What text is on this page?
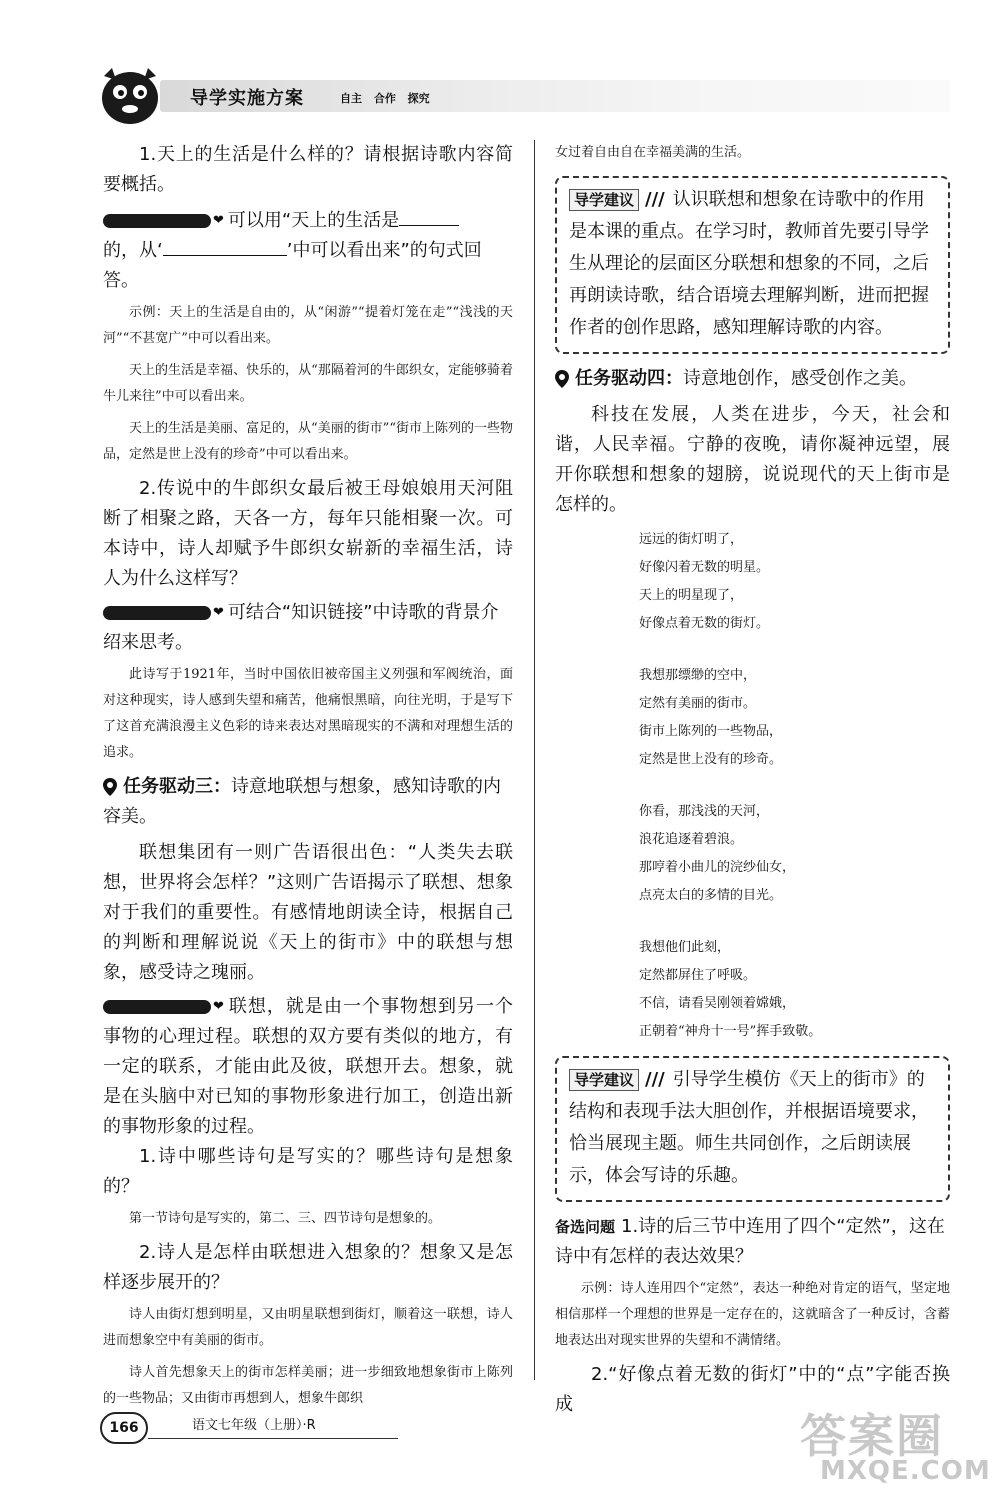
导学实施方案	自主 合作 探究

1.天上的生活是什么样的？请根据诗歌内容简要概括。

❤ 可以用“天上的生活是
的，从‘	’中可以看出来”的句式回答。

示例：天上的生活是自由的，从“闲游”“提着灯笼在走”“浅浅的天河”“不甚宽广”中可以看出来。

天上的生活是幸福、快乐的，从“那隔着河的牛郎织女，定能够骑着牛儿来往”中可以看出来。

天上的生活是美丽、富足的，从“美丽的街市”“街市上陈列的一些物品，定然是世上没有的珍奇”中可以看出来。

2.传说中的牛郎织女最后被王母娘娘用天河阻断了相聚之路，天各一方，每年只能相聚一次。可本诗中，诗人却赋予牛郎织女崭新的幸福生活，诗人为什么这样写？

❤ 可结合“知识链接”中诗歌的背景介绍来思考。

此诗写于1921年，当时中国依旧被帝国主义列强和军阀统治，面对这种现实，诗人感到失望和痛苦，他痛恨黑暗，向往光明，于是写下了这首充满浪漫主义色彩的诗来表达对黑暗现实的不满和对理想生活的追求。

任务驱动三：诗意地联想与想象，感知诗歌的内容美。

联想集团有一则广告语很出色：“人类失去联想，世界将会怎样？”这则广告语揭示了联想、想象对于我们的重要性。有感情地朗读全诗，根据自己的判断和理解说说《天上的街市》中的联想与想象，感受诗之瑰丽。

❤ 联想，就是由一个事物想到另一个事物的心理过程。联想的双方要有类似的地方，有一定的联系，才能由此及彼，联想开去。想象，就是在头脑中对已知的事物形象进行加工，创造出新的事物形象的过程。

1.诗中哪些诗句是写实的？哪些诗句是想象的？

第一节诗句是写实的，第二、三、四节诗句是想象的。

2.诗人是怎样由联想进入想象的？想象又是怎样逐步展开的？

诗人由街灯想到明星，又由明星联想到街灯，顺着这一联想，诗人进而想象空中有美丽的街市。

诗人首先想象天上的街市怎样美丽；进一步细致地想象街市上陈列的一些物品；又由街市再想到人，想象牛郎织

女过着自由自在幸福美满的生活。

导学建议 /// 认识联想和想象在诗歌中的作用是本课的重点。在学习时，教师首先要引导学生从理论的层面区分联想和想象的不同，之后再朗读诗歌，结合语境去理解判断，进而把握作者的创作思路，感知理解诗歌的内容。

任务驱动四：诗意地创作，感受创作之美。

科技在发展，人类在进步，今天，社会和谐，人民幸福。宁静的夜晚，请你凝神远望，展开你联想和想象的翅膀，说说现代的天上街市是怎样的。

远远的街灯明了，
好像闪着无数的明星。
天上的明星现了，
好像点着无数的街灯。
我想那缥缈的空中，
定然有美丽的街市。
街市上陈列的一些物品，
定然是世上没有的珍奇。
你看，那浅浅的天河，
浪花追逐着碧浪。
那哼着小曲儿的浣纱仙女，
点亮太白的多情的目光。
我想他们此刻，
定然都屏住了呼吸。
不信，请看吴刚领着嫦娥，
正朝着“神舟十一号”挥手致敬。
导学建议 /// 引导学生模仿《天上的街市》的结构和表现手法大胆创作，并根据语境要求，恰当展现主题。师生共同创作，之后朗读展示，体会写诗的乐趣。

备选问题 1.诗的后三节中连用了四个“定然”，这在诗中有怎样的表达效果？

示例：诗人连用四个“定然”，表达一种绝对肯定的语气，坚定地相信那样一个理想的世界是一定存在的，这就暗含了一种反讨，含蓄地表达出对现实世界的失望和不满情绪。

2.“好像点着无数的街灯”中的“点”字能否换成

166	语文七年级（上册）·R	答案圈
MXQE.COM
